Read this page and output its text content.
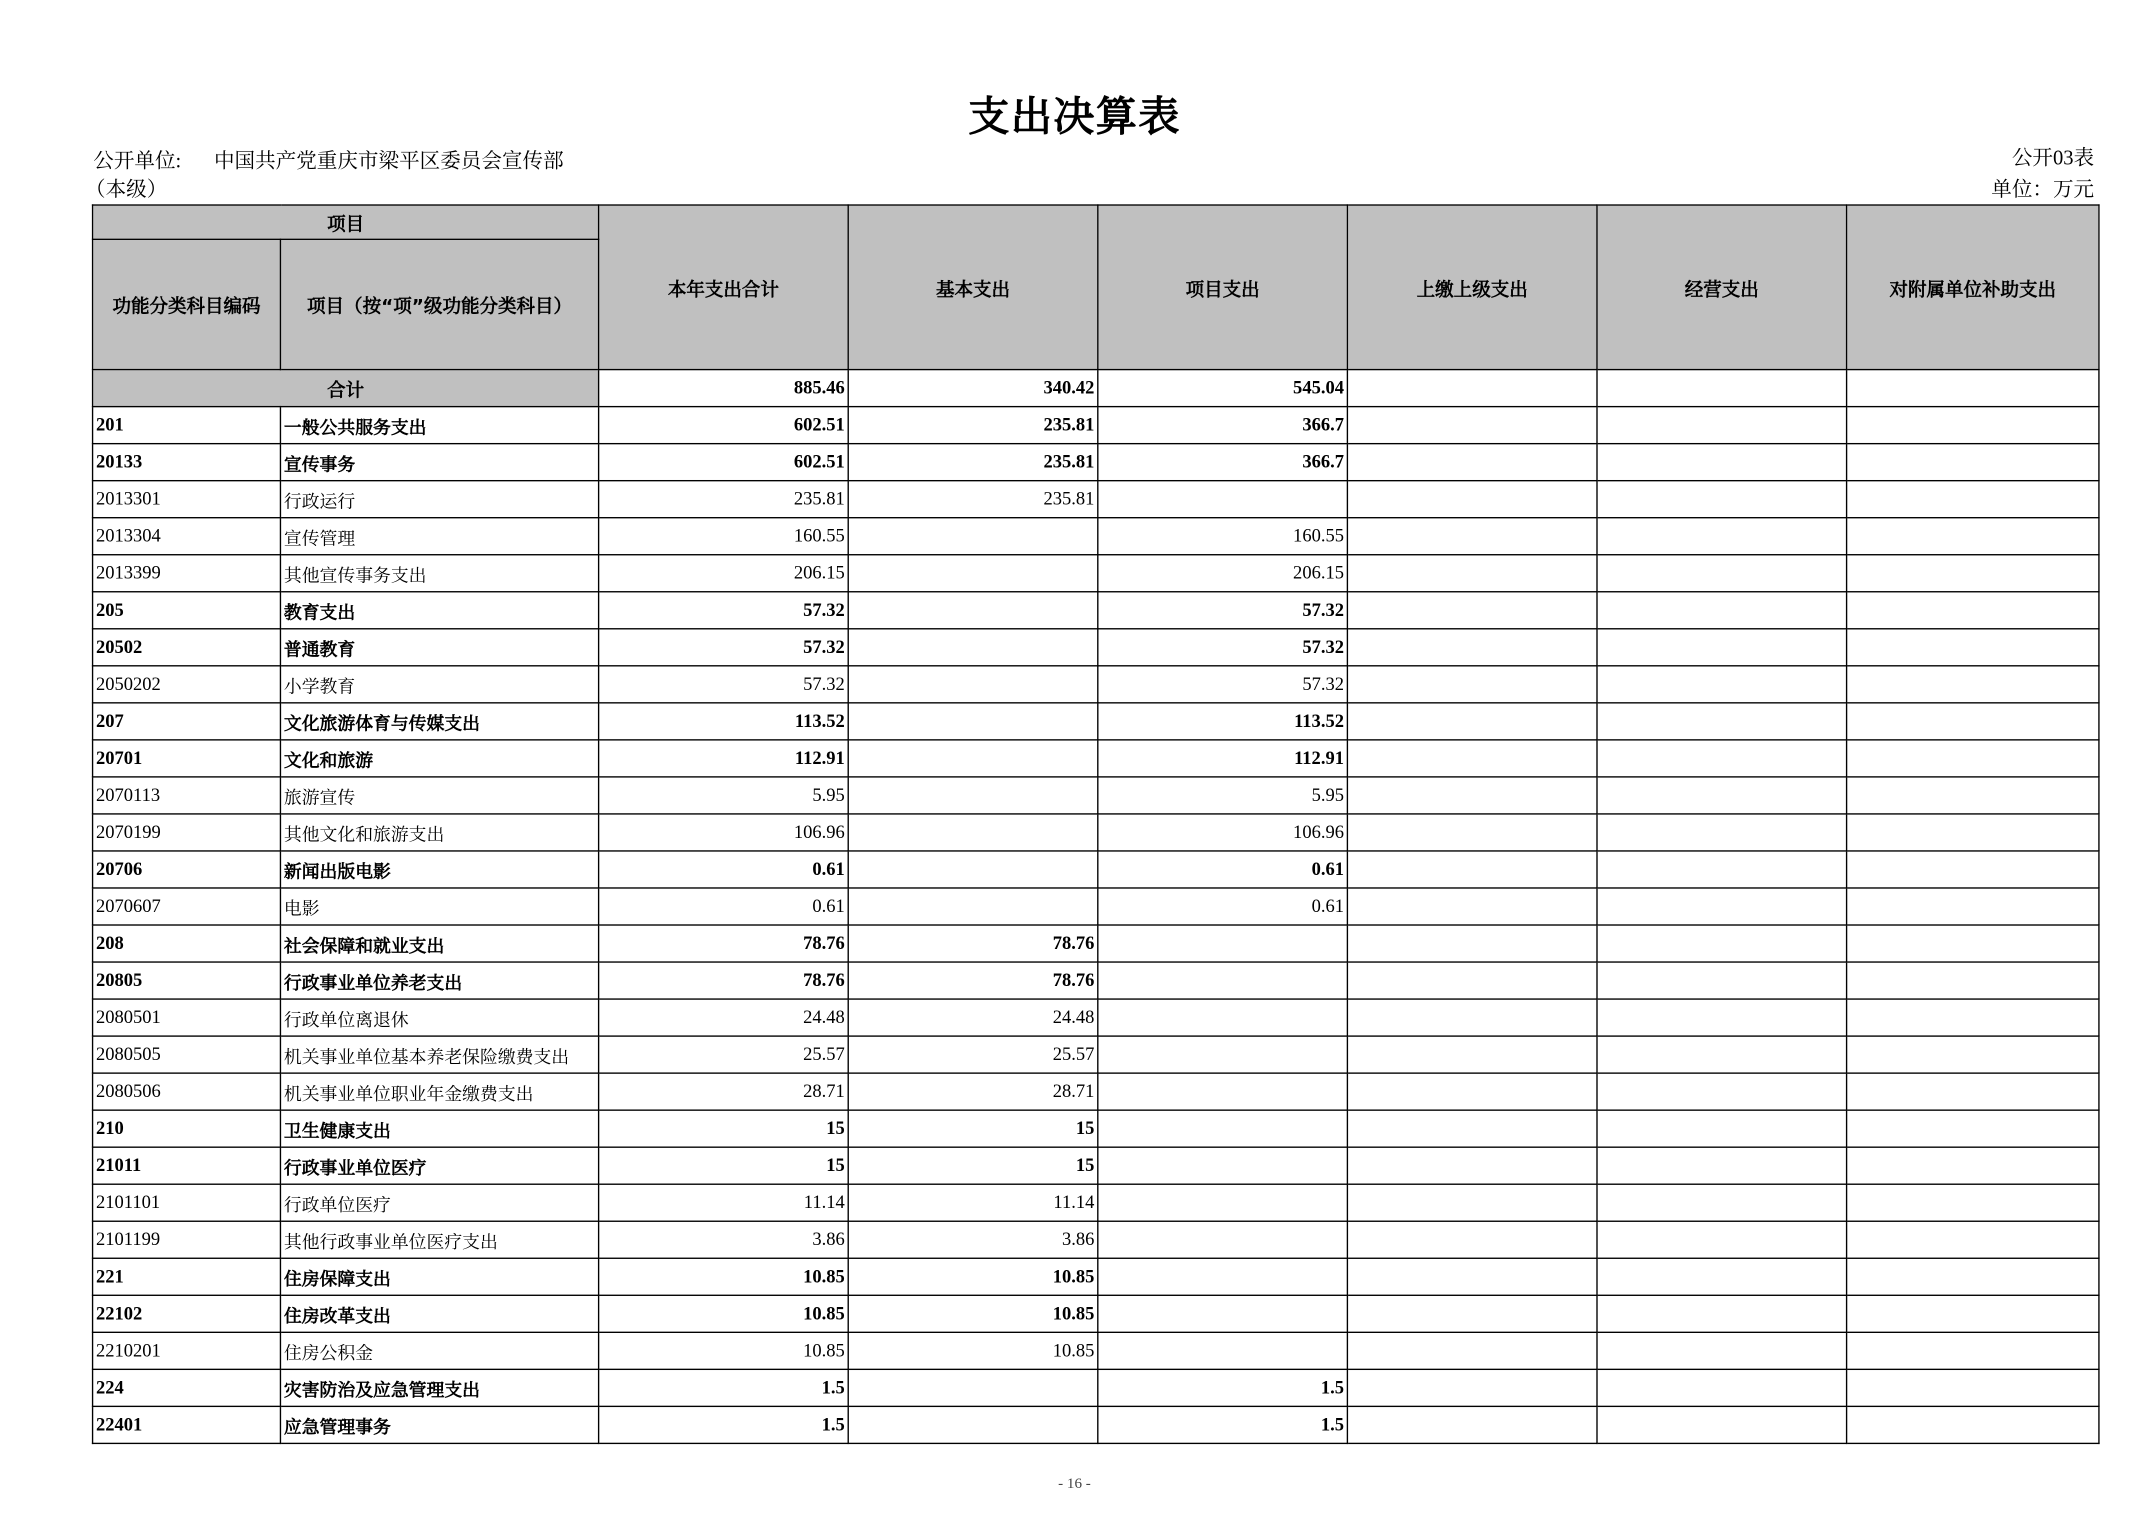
支出决算表
公开单位: 中国共产党重庆市梁平区委员会宣传部
（本级）
公开03表
单位：万元
项目		本年支出合计	基本支出	项目支出	上缴上级支出	经营支出	对附属单位补助支出
功能分类科目编码	项目（按“项”级功能分类科目）						
合计		885.46	340.42	545.04			
201	一般公共服务支出	602.51	235.81	366.7			
20133	宣传事务	602.51	235.81	366.7			
2013301	行政运行	235.81	235.81				
2013304	宣传管理	160.55		160.55			
2013399	其他宣传事务支出	206.15		206.15			
205	教育支出	57.32		57.32			
20502	普通教育	57.32		57.32			
2050202	小学教育	57.32		57.32			
207	文化旅游体育与传媒支出	113.52		113.52			
20701	文化和旅游	112.91		112.91			
2070113	旅游宣传	5.95		5.95			
2070199	其他文化和旅游支出	106.96		106.96			
20706	新闻出版电影	0.61		0.61			
2070607	电影	0.61		0.61			
208	社会保障和就业支出	78.76	78.76				
20805	行政事业单位养老支出	78.76	78.76				
2080501	行政单位离退休	24.48	24.48				
2080505	机关事业单位基本养老保险缴费支出	25.57	25.57				
2080506	机关事业单位职业年金缴费支出	28.71	28.71				
210	卫生健康支出	15	15				
21011	行政事业单位医疗	15	15				
2101101	行政单位医疗	11.14	11.14				
2101199	其他行政事业单位医疗支出	3.86	3.86				
221	住房保障支出	10.85	10.85				
22102	住房改革支出	10.85	10.85				
2210201	住房公积金	10.85	10.85				
224	灾害防治及应急管理支出	1.5		1.5			
22401	应急管理事务	1.5		1.5			
- 16 -
